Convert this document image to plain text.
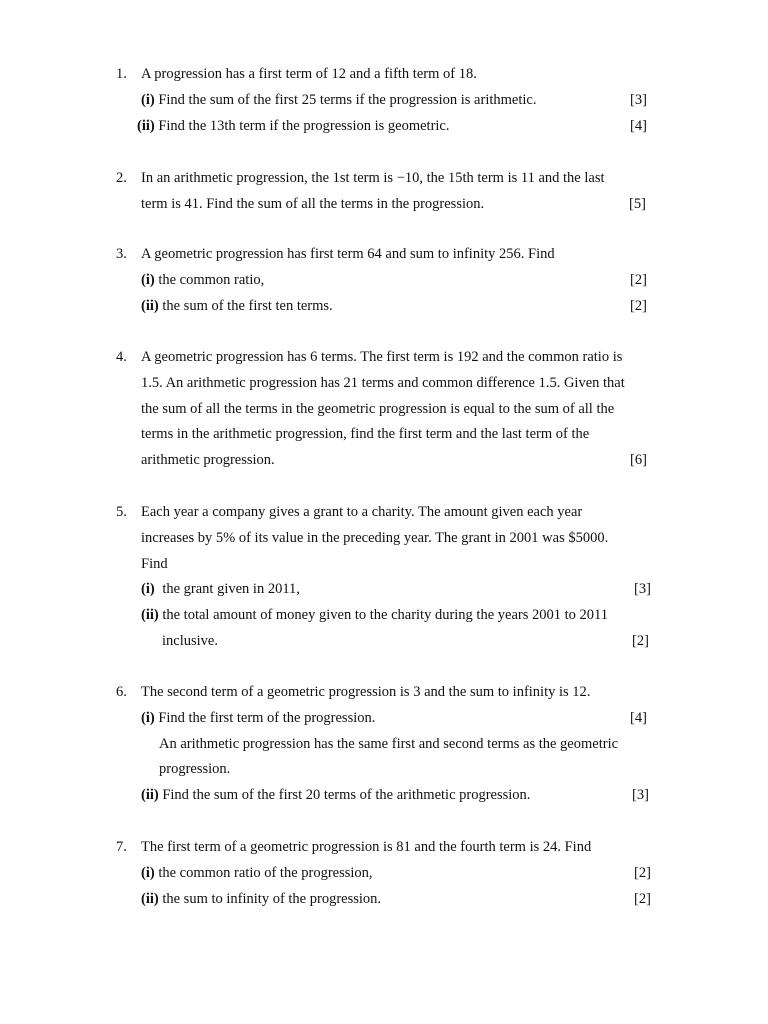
1. A progression has a first term of 12 and a fifth term of 18.
(i) Find the sum of the first 25 terms if the progression is arithmetic.	[3]
(ii) Find the 13th term if the progression is geometric.	[4]
2. In an arithmetic progression, the 1st term is −10, the 15th term is 11 and the last
term is 41. Find the sum of all the terms in the progression.	[5]
3. A geometric progression has first term 64 and sum to infinity 256. Find
(i) the common ratio,	[2]
(ii) the sum of the first ten terms.	[2]
4. A geometric progression has 6 terms. The first term is 192 and the common ratio is
1.5. An arithmetic progression has 21 terms and common difference 1.5. Given that
the sum of all the terms in the geometric progression is equal to the sum of all the
terms in the arithmetic progression, find the first term and the last term of the
arithmetic progression.	[6]
5. Each year a company gives a grant to a charity. The amount given each year
increases by 5% of its value in the preceding year. The grant in 2001 was $5000.
Find
(i) the grant given in 2011,	[3]
(ii) the total amount of money given to the charity during the years 2001 to 2011
inclusive.	[2]
6. The second term of a geometric progression is 3 and the sum to infinity is 12.
(i) Find the first term of the progression.	[4]
An arithmetic progression has the same first and second terms as the geometric
progression.
(ii) Find the sum of the first 20 terms of the arithmetic progression.	[3]
7. The first term of a geometric progression is 81 and the fourth term is 24. Find
(i) the common ratio of the progression,	[2]
(ii) the sum to infinity of the progression.	[2]
